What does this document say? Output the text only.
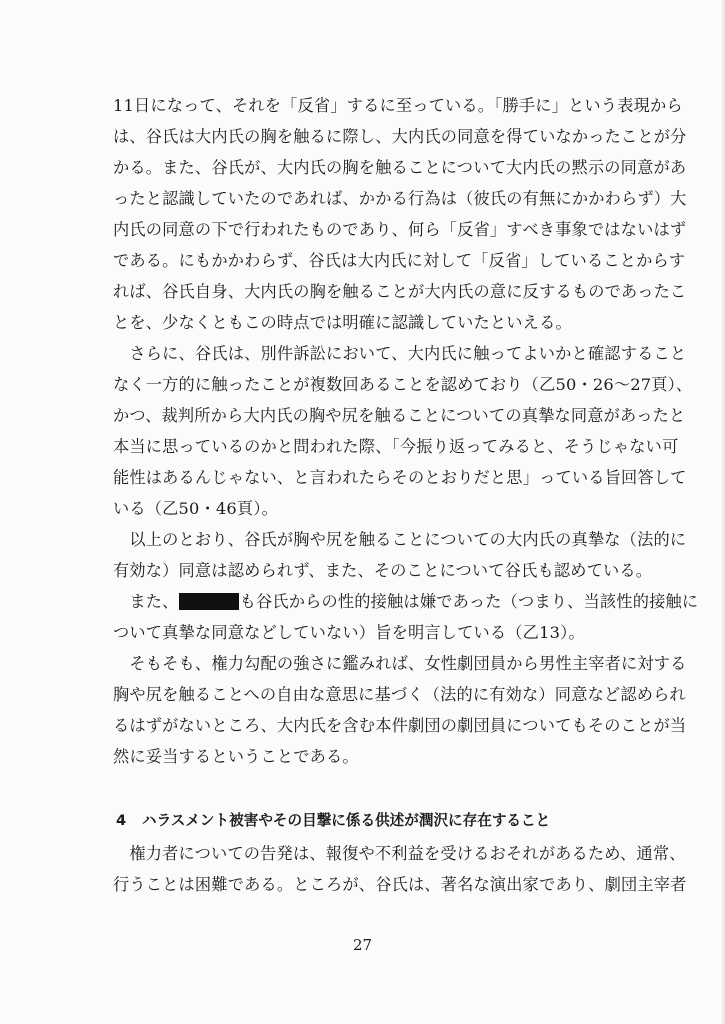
11日になって、それを「反省」するに至っている。「勝手に」という表現から
は、谷氏は大内氏の胸を触るに際し、大内氏の同意を得ていなかったことが分
かる。また、谷氏が、大内氏の胸を触ることについて大内氏の黙示の同意があ
ったと認識していたのであれば、かかる行為は（彼氏の有無にかかわらず）大
内氏の同意の下で行われたものであり、何ら「反省」すべき事象ではないはず
である。にもかかわらず、谷氏は大内氏に対して「反省」していることからす
れば、谷氏自身、大内氏の胸を触ることが大内氏の意に反するものであったこ
とを、少なくともこの時点では明確に認識していたといえる。
　さらに、谷氏は、別件訴訟において、大内氏に触ってよいかと確認すること
なく一方的に触ったことが複数回あることを認めており（乙50・26〜27頁）、
かつ、裁判所から大内氏の胸や尻を触ることについての真摯な同意があったと
本当に思っているのかと問われた際、「今振り返ってみると、そうじゃない可
能性はあるんじゃない、と言われたらそのとおりだと思」っている旨回答して
いる（乙50・46頁）。
　以上のとおり、谷氏が胸や尻を触ることについての大内氏の真摯な（法的に
有効な）同意は認められず、また、そのことについて谷氏も認めている。
　また、	も谷氏からの性的接触は嫌であった（つまり、当該性的接触に
ついて真摯な同意などしていない）旨を明言している（乙13）。
　そもそも、権力勾配の強さに鑑みれば、女性劇団員から男性主宰者に対する
胸や尻を触ることへの自由な意思に基づく（法的に有効な）同意など認められ
るはずがないところ、大内氏を含む本件劇団の劇団員についてもそのことが当
然に妥当するということである。
4 ハラスメント被害やその目撃に係る供述が潤沢に存在すること
　権力者についての告発は、報復や不利益を受けるおそれがあるため、通常、
行うことは困難である。ところが、谷氏は、著名な演出家であり、劇団主宰者
27
